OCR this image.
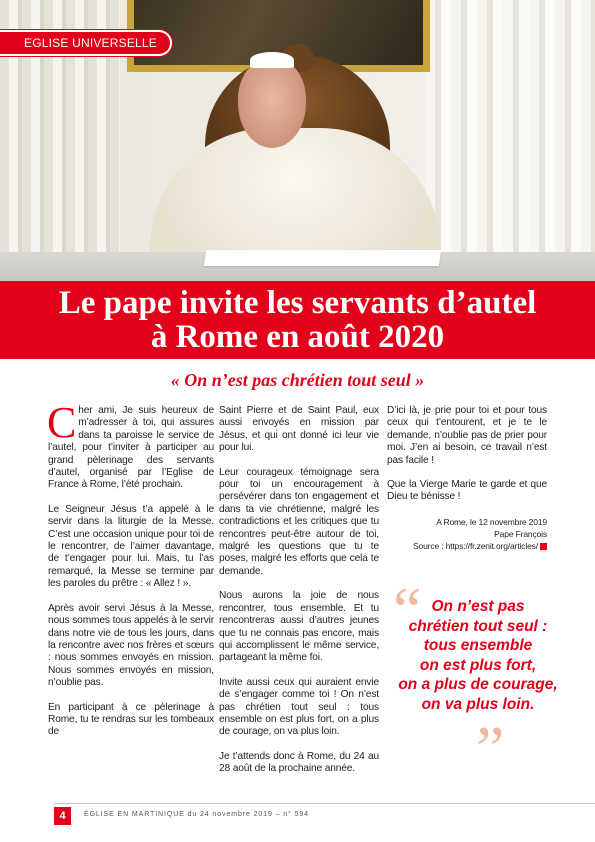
EGLISE UNIVERSELLE
Le pape invite les servants d’autel
à Rome en août 2020
« On n’est pas chrétien tout seul »

Cher ami, Je suis heureux de m’adresser à toi, qui assures dans ta paroisse le service de l’autel, pour t’inviter à participer au grand pèlerinage des servants d’autel, organisé par l’Eglise de France à Rome, l’été prochain.

Le Seigneur Jésus t’a appelé à le servir dans la liturgie de la Messe. C’est une occasion unique pour toi de le rencontrer, de l’aimer davantage, de t’engager pour lui. Mais, tu l’as remarqué, la Messe se termine par les paroles du prêtre : « Allez ! ».

Après avoir servi Jésus à la Messe, nous sommes tous appelés à le servir dans notre vie de tous les jours, dans la rencontre avec nos frères et sœurs : nous sommes envoyés en mission. Nous sommes envoyés en mission, n’oublie pas.

En participant à ce pèlerinage à Rome, tu te rendras sur les tombeaux de

Saint Pierre et de Saint Paul, eux aussi envoyés en mission par Jésus, et qui ont donné ici leur vie pour lui.

Leur courageux témoignage sera pour toi un encouragement à persévérer dans ton engagement et dans ta vie chrétienne, malgré les contradictions et les critiques que tu rencontres peut-être autour de toi, malgré les questions que tu te poses, malgré les efforts que cela te demande.

Nous aurons la joie de nous rencontrer, tous ensemble. Et tu rencontreras aussi d’autres jeunes que tu ne connais pas encore, mais qui accomplissent le même service, partageant la même foi.

Invite aussi ceux qui auraient envie de s’engager comme toi ! On n’est pas chrétien tout seul : tous ensemble on est plus fort, on a plus de courage, on va plus loin.

Je t’attends donc à Rome, du 24 au 28 août de la prochaine année.

D’ici là, je prie pour toi et pour tous ceux qui t’entourent, et je te le demande, n’oublie pas de prier pour moi. J’en ai besoin, ce travail n’est pas facile !

Que la Vierge Marie te garde et que Dieu te bénisse !

A Rome, le 12 novembre 2019
Pape François
Source : https://fr.zenit.org/articles/
“ On n’est pas
chrétien tout seul :
tous ensemble
on est plus fort,
on a plus de courage,
on va plus loin.
”
4	ÉGLISE EN MARTINIQUE du 24 novembre 2019 – n° 594
